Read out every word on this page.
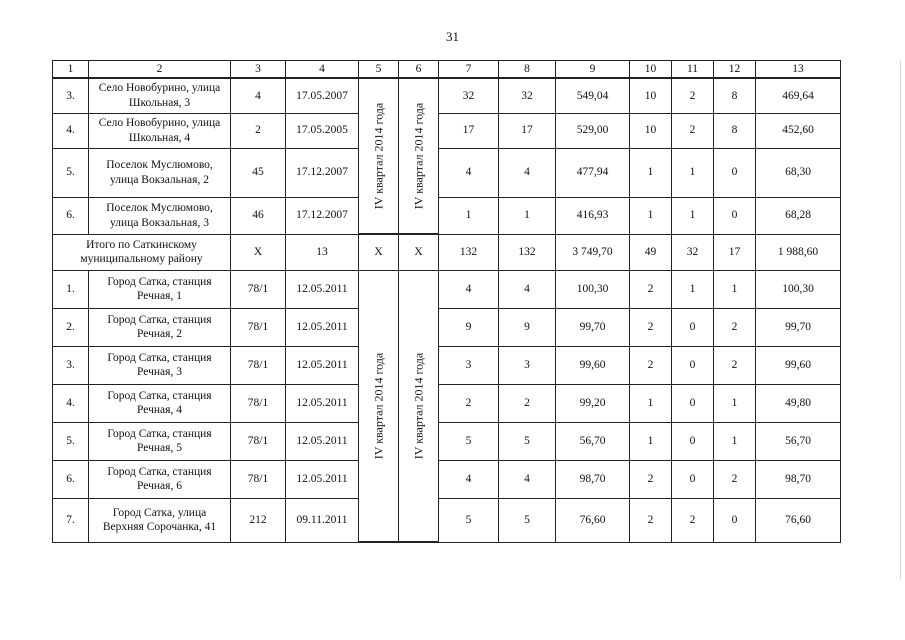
31
1	2	3	4	5	6	7	8	9	10	11	12	13
3.	Село Новобурино, улица Школьная, 3	4	17.05.2007	IV квартал 2014 года	IV квартал 2014 года	32	32	549,04	10	2	8	469,64
4.	Село Новобурино, улица Школьная, 4	2	17.05.2005			17	17	529,00	10	2	8	452,60
5.	Поселок Муслюмово, улица Вокзальная, 2	45	17.12.2007			4	4	477,94	1	1	0	68,30
6.	Поселок Муслюмово, улица Вокзальная, 3	46	17.12.2007			1	1	416,93	1	1	0	68,28
Итого по Саткинскому муниципальному району		X	13	X	X	132	132	3 749,70	49	32	17	1 988,60
1.	Город Сатка, станция Речная, 1	78/1	12.05.2011	IV квартал 2014 года	IV квартал 2014 года	4	4	100,30	2	1	1	100,30
2.	Город Сатка, станция Речная, 2	78/1	12.05.2011			9	9	99,70	2	0	2	99,70
3.	Город Сатка, станция Речная, 3	78/1	12.05.2011			3	3	99,60	2	0	2	99,60
4.	Город Сатка, станция Речная, 4	78/1	12.05.2011			2	2	99,20	1	0	1	49,80
5.	Город Сатка, станция Речная, 5	78/1	12.05.2011			5	5	56,70	1	0	1	56,70
6.	Город Сатка, станция Речная, 6	78/1	12.05.2011			4	4	98,70	2	0	2	98,70
7.	Город Сатка, улица Верхняя Сорочанка, 41	212	09.11.2011			5	5	76,60	2	2	0	76,60
